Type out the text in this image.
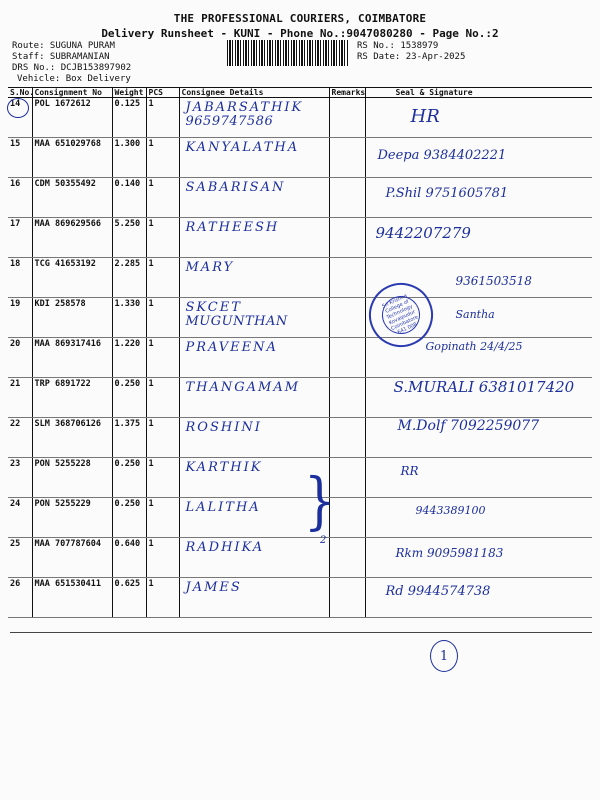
THE PROFESSIONAL COURIERS, COIMBATORE
Delivery Runsheet - KUNI - Phone No.:9047080280 - Page No.:2
Route: SUGUNA PURAM
Staff: SUBRAMANIAN
DRS No.: DCJB153897902
Vehicle: Box Delivery
RS No.: 1538979
RS Date: 23-Apr-2025
S.No.	Consignment No	Weight	PCS	Consignee Details	Remarks	Seal & Signature
14	POL 1672612	0.125	1	JABARSATHIK
9659747586		HR

15	MAA 651029768	1.300	1	KANYALATHA		Deepa 9384402221

16	CDM 50355492	0.140	1	SABARISAN		P.Shil 9751605781

17	MAA 869629566	5.250	1	RATHEESH		9442207279

18	TCG 41653192	2.285	1	MARY		9361503518

19	KDI 258578	1.330	1	SKCET
MUGUNTHAN		Santha

20	MAA 869317416	1.220	1	PRAVEENA		Gopinath 24/4/25

21	TRP 6891722	0.250	1	THANGAMAM		S.MURALI 6381017420

22	SLM 368706126	1.375	1	ROSHINI		M.Dolf 7092259077

23	PON 5255228	0.250	1	KARTHIK		RR

24	PON 5255229	0.250	1	LALITHA		9443389100

25	MAA 707787604	0.640	1	RADHIKA		Rkm 9095981183

26	MAA 651530411	0.625	1	JAMES		Rd 9944574738
Sri Krishna College of Technology Kovaipudur Coimbatore 641 008
}
2
1
